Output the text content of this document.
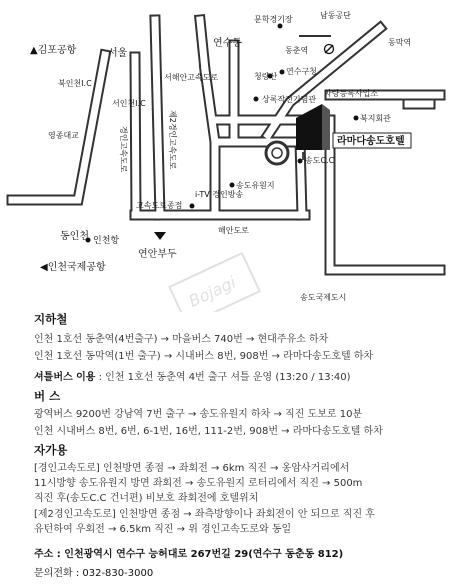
Bojagi
라마다송도호텔
▲김포공항	서울
북인천I.C
서인천I.C
영종대교	경인고속도로
서해안고속도로
제2경인고속도로
고속도로종점
i-TV 경인방송
해안도로
동인천 인천항
연안부두
◀인천국제공항
연수동
문학경기장	남동공단
동막역
동춘역
청량산
연수구청
상록작전기념관
차량등록사업소
북지회관
송도C.C
송도유원지
송도국제도시
지하철
인천 1호선 동춘역(4번출구) → 마을버스 740번 → 현대주유소 하차
인천 1호선 동막역(1번 출구) → 시내버스 8번, 908번 → 라마다송도호텔 하차
셔틀버스 이용 : 인천 1호선 동춘역 4번 출구 셔틀 운영 (13:20 / 13:40)
버 스
광역버스 9200번 강남역 7번 출구 → 송도유원지 하차 → 직진 도보로 10분
인천 시내버스 8번, 6번, 6-1번, 16번, 111-2번, 908번 → 라마다송도호텔 하차
자가용
[경인고속도로] 인천방면 종점 → 좌회전 → 6km 직진 → 옹암사거리에서
11시방향 송도유원지 방면 좌회전 → 송도유원지 로터리에서 직진 → 500m
직진 후(송도C.C 건너편) 비보호 좌회전에 호텔위치
[제2경인고속도로] 인천방면 종점 → 좌측방향이나 좌회전이 안 되므로 직진 후
유턴하여 우회전 → 6.5km 직진 → 위 경인고속도로와 동일
주소 : 인천광역시 연수구 능허대로 267번길 29(연수구 동춘동 812)
문의전화 : 032-830-3000
